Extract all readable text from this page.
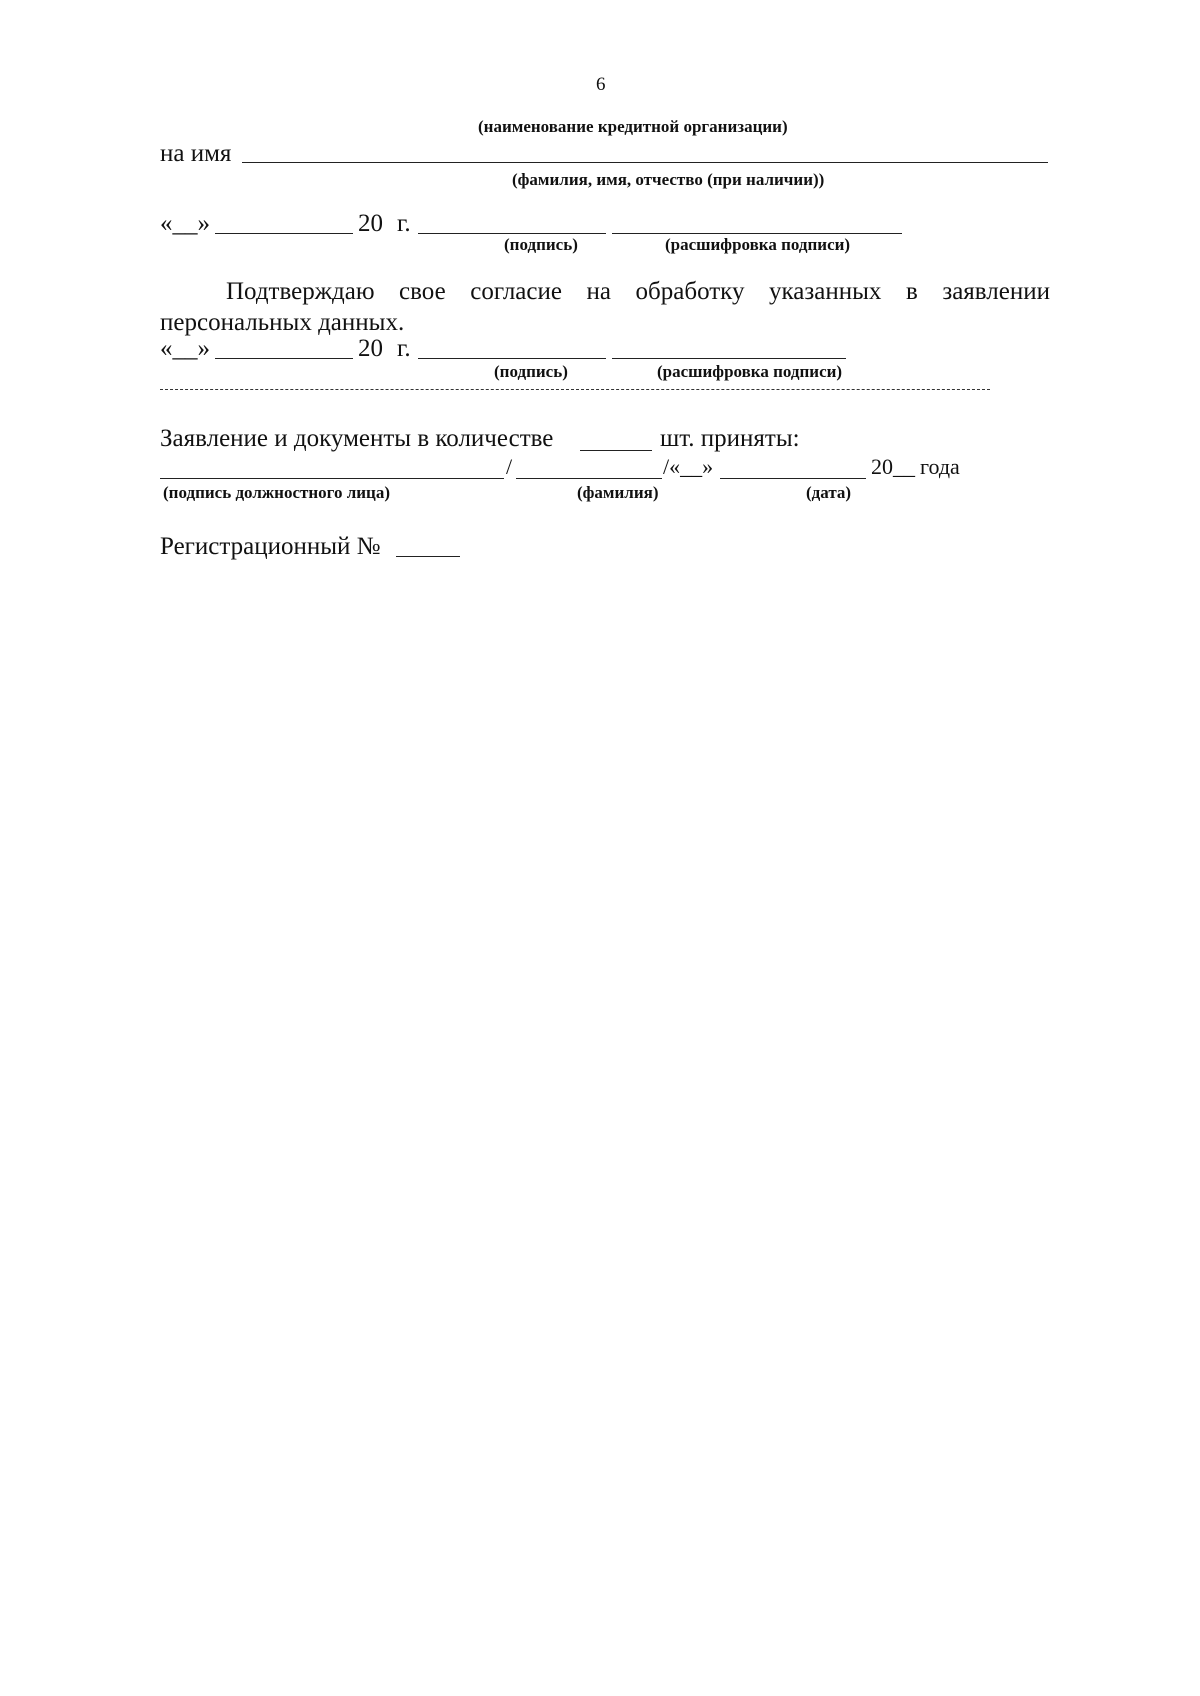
6
(наименование кредитной организации)
на имя
(фамилия, имя, отчество (при наличии))
«__»	20 г.
(подпись)	(расшифровка подписи)
Подтверждаю свое согласие на обработку указанных в заявлении
персональных данных.
«__»	20 г.
(подпись)	(расшифровка подписи)
Заявление и документы в количестве	шт. приняты:
/	/«__»	20__ года
(подпись должностного лица)	(фамилия)	(дата)
Регистрационный №
